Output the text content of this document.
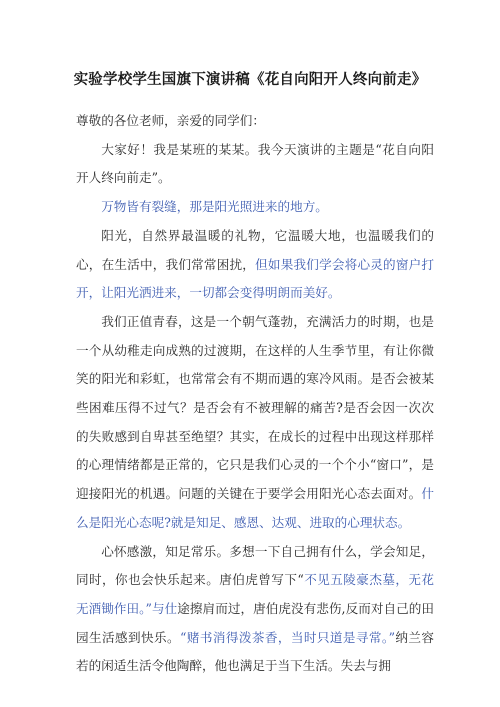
实验学校学生国旗下演讲稿《花自向阳开人终向前走》

尊敬的各位老师，亲爱的同学们：

大家好！我是某班的某某。我今天演讲的主题是“花自向阳开人终向前走”。

万物皆有裂缝，那是阳光照进来的地方。

阳光，自然界最温暖的礼物，它温暖大地，也温暖我们的心，在生活中，我们常常困扰，但如果我们学会将心灵的窗户打开，让阳光洒进来，一切都会变得明朗而美好。

我们正值青春，这是一个朝气蓬勃，充满活力的时期，也是一个从幼稚走向成熟的过渡期，在这样的人生季节里，有让你微笑的阳光和彩虹，也常常会有不期而遇的寒冷风雨。是否会被某些困难压得不过气？是否会有不被理解的痛苦?是否会因一次次的失败感到自卑甚至绝望？其实，在成长的过程中出现这样那样的心理情绪都是正常的，它只是我们心灵的一个个小“窗口”，是迎接阳光的机遇。问题的关键在于要学会用阳光心态去面对。什么是阳光心态呢?就是知足、感恩、达观、进取的心理状态。

心怀感激，知足常乐。多想一下自己拥有什么，学会知足，同时，你也会快乐起来。唐伯虎曾写下“不见五陵豪杰墓，无花无酒锄作田。”与仕途擦肩而过，唐伯虎没有悲伤,反而对自己的田园生活感到快乐。“赌书消得泼茶香，当时只道是寻常。”纳兰容若的闲适生活令他陶醉，他也满足于当下生活。失去与拥
